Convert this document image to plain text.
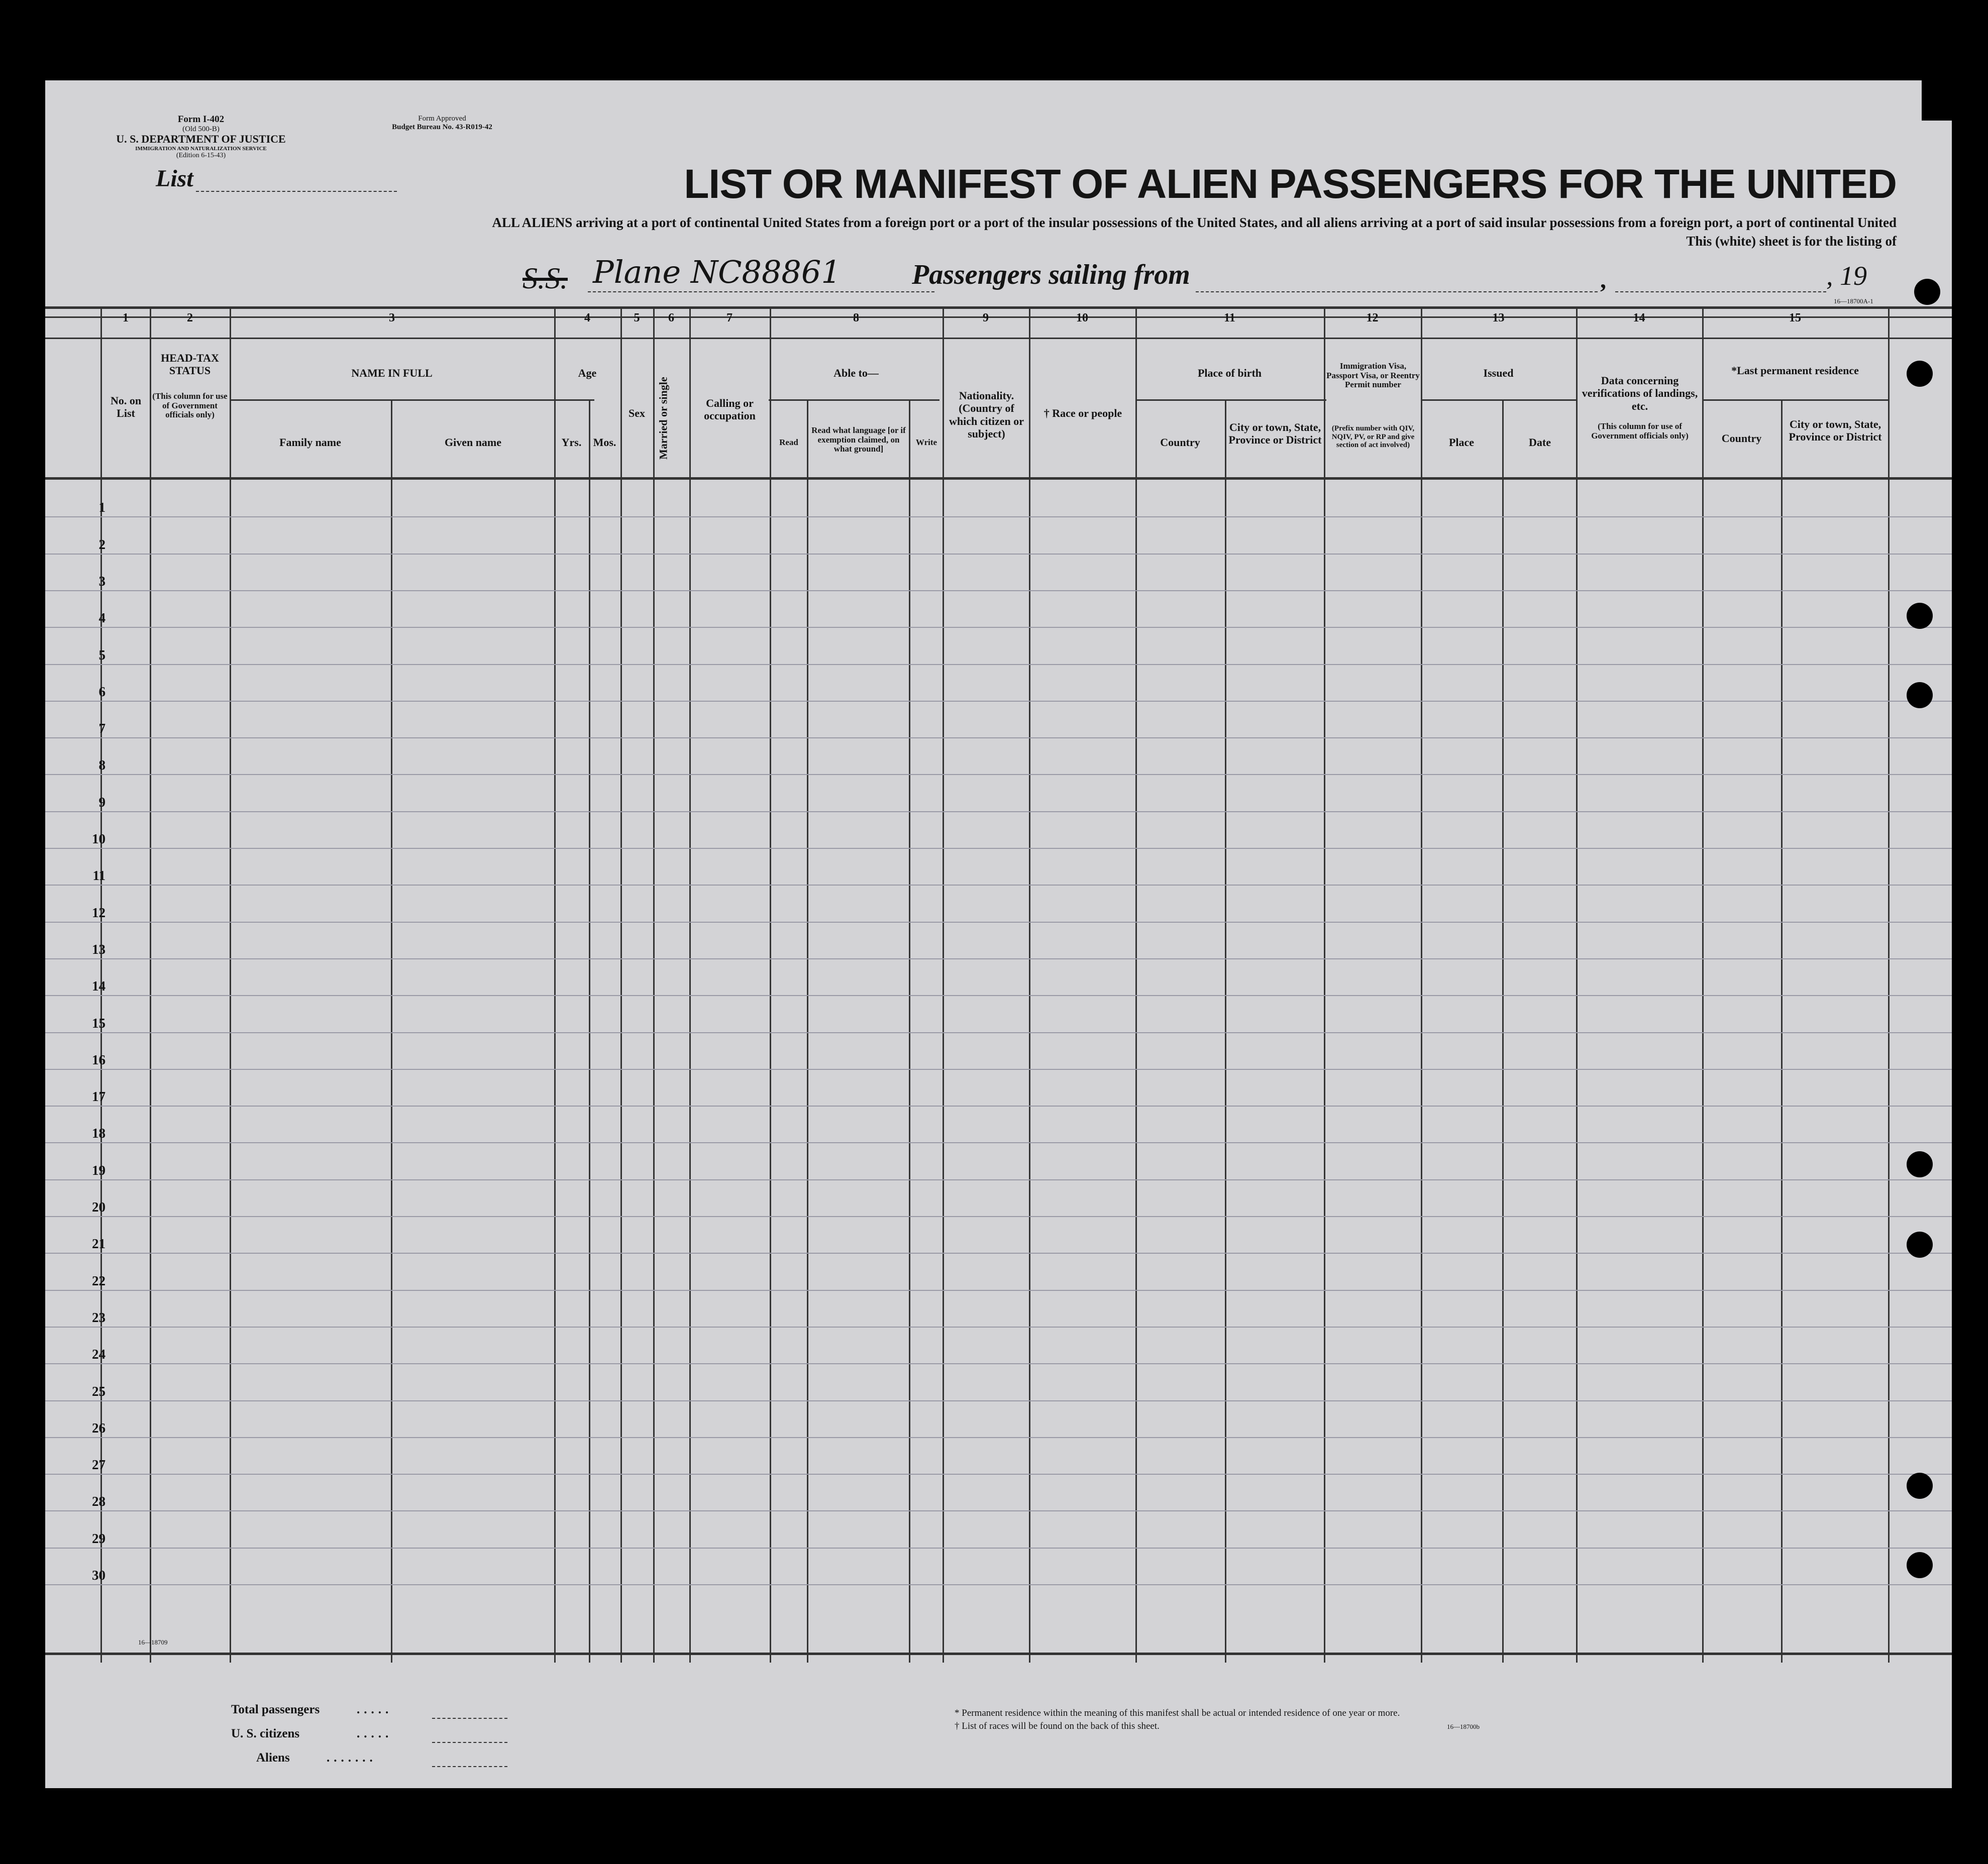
Form I-402
(Old 500-B)
U. S. DEPARTMENT OF JUSTICE
IMMIGRATION AND NATURALIZATION SERVICE
(Edition 6-15-43)
Form Approved
Budget Bureau No. 43-R019-42
List	LIST OR MANIFEST OF ALIEN PASSENGERS FOR THE UNITED
ALL ALIENS arriving at a port of continental United States from a foreign port or a port of the insular possessions of the United States, and all aliens arriving at a port of said insular possessions from a foreign port, a port of continental United
This (white) sheet is for the listing of
S.S. Plane NC88861	Passengers sailing from	,	, 19
1	2	3	4	5	6	7	8	9	10	11	12	13	14	15
No. on List
HEAD-TAX STATUS
(This column for use of Government officials only)
NAME IN FULL
Family name	Given name
Age
Yrs.	Mos.
Sex	Married or single	Calling or occupation
Able to—
Read
Read what language [or if exemption claimed, on what ground]
Write
Nationality. (Country of which citizen or subject)
† Race or people
Place of birth
Country
City or town, State, Province or District
Immigration Visa, Passport Visa, or Reentry Permit number
(Prefix number with QIV, NQIV, PV, or RP and give section of act involved)
Issued
Place	Date
Data concerning verifications of landings, etc.
(This column for use of Government officials only)
*Last permanent residence
Country
City or town, State, Province or District
16—18700A-1
16—18709
1
2
3
4
5
6
7
8
9
10
11
12
13
14
15
16
17
18
19
20
21
22
23
24
25
26
27
28
29
30
Total passengers	.....
U. S. citizens	.....
Aliens	.......
* Permanent residence within the meaning of this manifest shall be actual or intended residence of one year or more.
† List of races will be found on the back of this sheet.	16—18700b
